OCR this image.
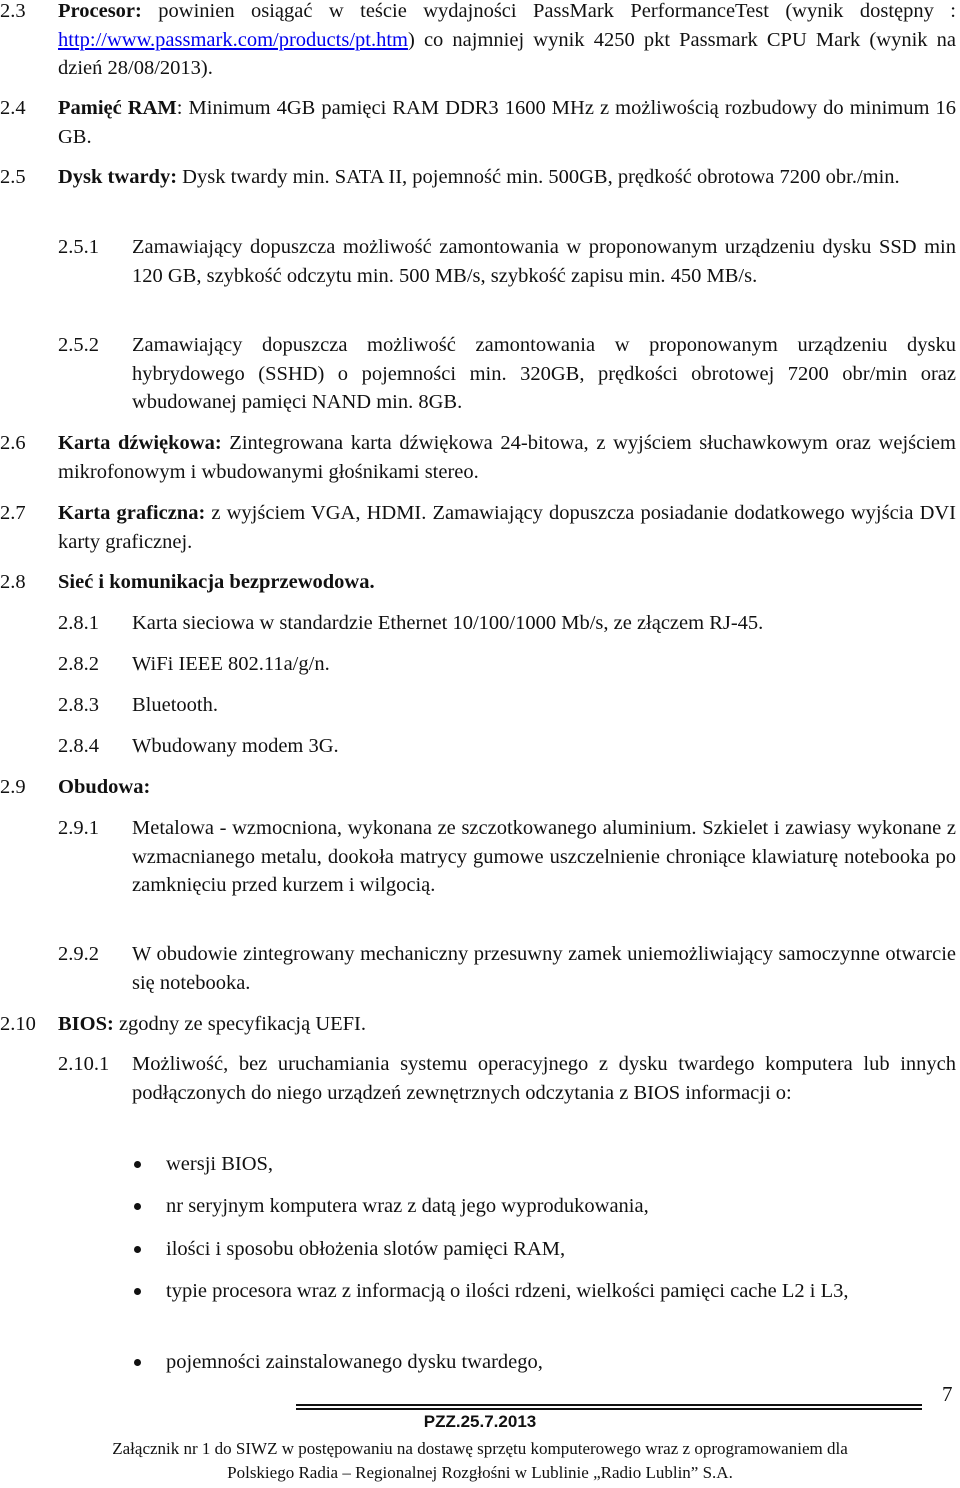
2.3 Procesor: powinien osiągać w teście wydajności PassMark PerformanceTest (wynik dostępny : http://www.passmark.com/products/pt.htm) co najmniej wynik 4250 pkt Passmark CPU Mark (wynik na dzień 28/08/2013).
2.4 Pamięć RAM: Minimum 4GB pamięci RAM DDR3 1600 MHz z możliwością rozbudowy do minimum 16 GB.
2.5 Dysk twardy: Dysk twardy min. SATA II, pojemność min. 500GB, prędkość obrotowa 7200 obr./min.
2.5.1 Zamawiający dopuszcza możliwość zamontowania w proponowanym urządzeniu dysku SSD min 120 GB, szybkość odczytu min. 500 MB/s, szybkość zapisu min. 450 MB/s.
2.5.2 Zamawiający dopuszcza możliwość zamontowania w proponowanym urządzeniu dysku hybrydowego (SSHD) o pojemności min. 320GB, prędkości obrotowej 7200 obr/min oraz wbudowanej pamięci NAND min. 8GB.
2.6 Karta dźwiękowa: Zintegrowana karta dźwiękowa 24-bitowa, z wyjściem słuchawkowym oraz wejściem mikrofonowym i wbudowanymi głośnikami stereo.
2.7 Karta graficzna: z wyjściem VGA, HDMI. Zamawiający dopuszcza posiadanie dodatkowego wyjścia DVI karty graficznej.
2.8 Sieć i komunikacja bezprzewodowa.
2.8.1 Karta sieciowa w standardzie Ethernet 10/100/1000 Mb/s, ze złączem RJ-45.
2.8.2 WiFi IEEE 802.11a/g/n.
2.8.3 Bluetooth.
2.8.4 Wbudowany modem 3G.
2.9 Obudowa:
2.9.1 Metalowa - wzmocniona, wykonana ze szczotkowanego aluminium. Szkielet i zawiasy wykonane z wzmacnianego metalu, dookoła matrycy gumowe uszczelnienie chroniące klawiaturę notebooka po zamknięciu przed kurzem i wilgocią.
2.9.2 W obudowie zintegrowany mechaniczny przesuwny zamek uniemożliwiający samoczynne otwarcie się notebooka.
2.10 BIOS: zgodny ze specyfikacją UEFI.
2.10.1 Możliwość, bez uruchamiania systemu operacyjnego z dysku twardego komputera lub innych podłączonych do niego urządzeń zewnętrznych odczytania z BIOS informacji o:
wersji BIOS,
nr seryjnym komputera wraz z datą jego wyprodukowania,
ilości i sposobu obłożenia slotów pamięci RAM,
typie procesora wraz z informacją o ilości rdzeni, wielkości pamięci cache L2 i L3,
pojemności zainstalowanego dysku twardego,
7
PZZ.25.7.2013
Załącznik nr 1 do SIWZ w postępowaniu na dostawę sprzętu komputerowego wraz z oprogramowaniem dla
Polskiego Radia – Regionalnej Rozgłośni w Lublinie „Radio Lublin” S.A.
